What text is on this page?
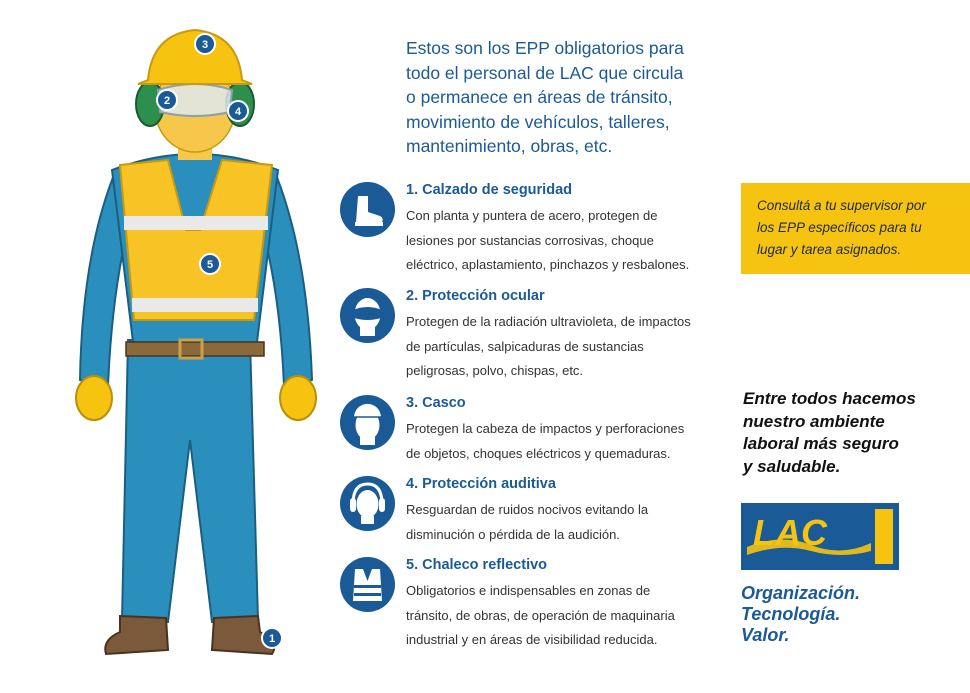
3
2
4
5
1
Estos son los EPP obligatorios para
todo el personal de LAC que circula
o permanece en áreas de tránsito,
movimiento de vehículos, talleres,
mantenimiento, obras, etc.
1. Calzado de seguridad
Con planta y puntera de acero, protegen de
lesiones por sustancias corrosivas, choque
eléctrico, aplastamiento, pinchazos y resbalones.
2. Protección ocular
Protegen de la radiación ultravioleta, de impactos
de partículas, salpicaduras de sustancias
peligrosas, polvo, chispas, etc.
3. Casco
Protegen la cabeza de impactos y perforaciones
de objetos, choques eléctricos y quemaduras.
4. Protección auditiva
Resguardan de ruidos nocivos evitando la
disminución o pérdida de la audición.
5. Chaleco reflectivo
Obligatorios e indispensables en zonas de
tránsito, de obras, de operación de maquinaria
industrial y en áreas de visibilidad reducida.

Consultá a tu supervisor por
los EPP específicos para tu
lugar y tarea asignados.

Entre todos hacemos
nuestro ambiente
laboral más seguro
y saludable.
LAC
Organización.
Tecnología.
Valor.
